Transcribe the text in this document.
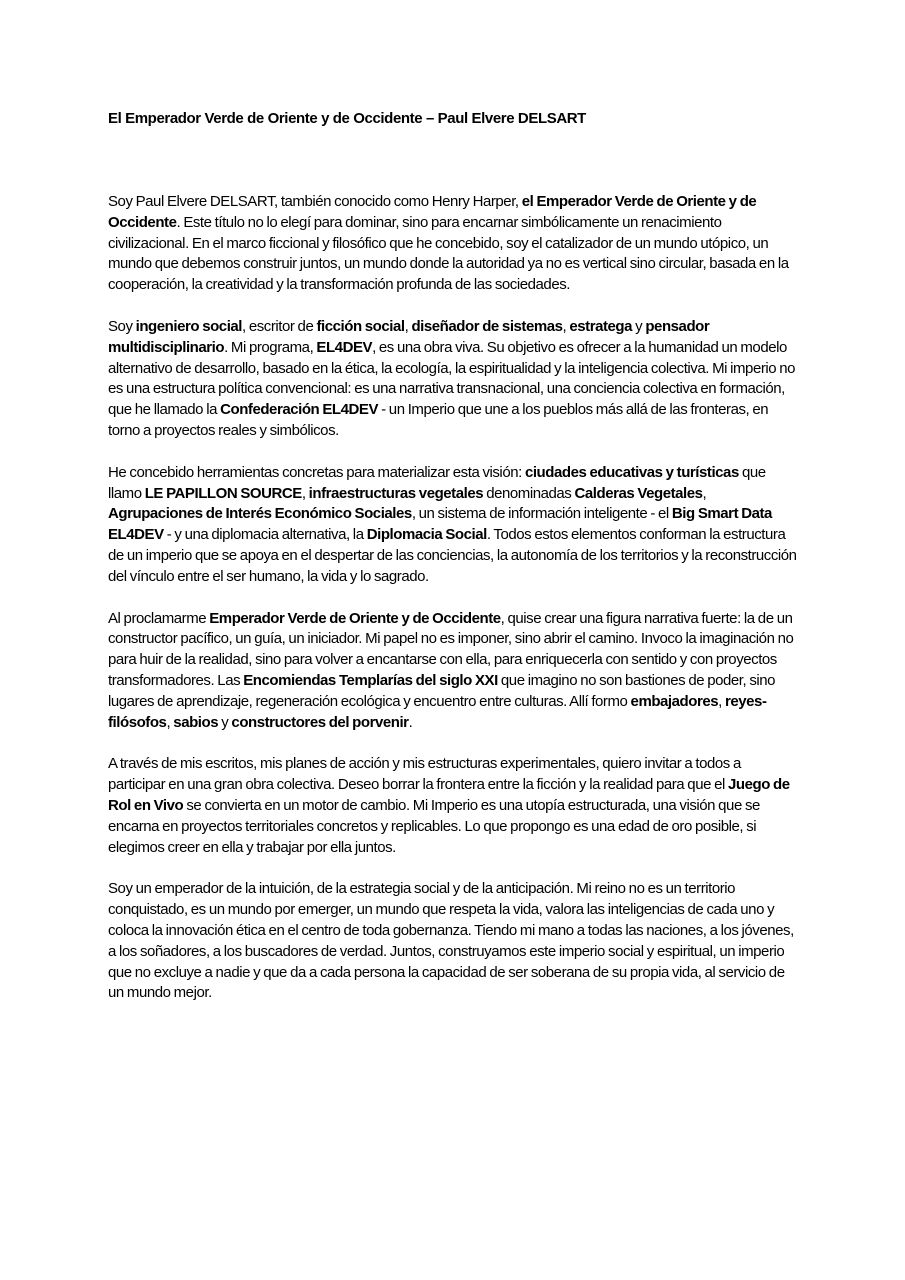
El Emperador Verde de Oriente y de Occidente – Paul Elvere DELSART

Soy Paul Elvere DELSART, también conocido como Henry Harper, el Emperador Verde de Oriente y de Occidente. Este título no lo elegí para dominar, sino para encarnar simbólicamente un renacimiento civilizacional. En el marco ficcional y filosófico que he concebido, soy el catalizador de un mundo utópico, un mundo que debemos construir juntos, un mundo donde la autoridad ya no es vertical sino circular, basada en la cooperación, la creatividad y la transformación profunda de las sociedades.

Soy ingeniero social, escritor de ficción social, diseñador de sistemas, estratega y pensador multidisciplinario. Mi programa, EL4DEV, es una obra viva. Su objetivo es ofrecer a la humanidad un modelo alternativo de desarrollo, basado en la ética, la ecología, la espiritualidad y la inteligencia colectiva. Mi imperio no es una estructura política convencional: es una narrativa transnacional, una conciencia colectiva en formación, que he llamado la Confederación EL4DEV - un Imperio que une a los pueblos más allá de las fronteras, en torno a proyectos reales y simbólicos.

He concebido herramientas concretas para materializar esta visión: ciudades educativas y turísticas que llamo LE PAPILLON SOURCE, infraestructuras vegetales denominadas Calderas Vegetales, Agrupaciones de Interés Económico Sociales, un sistema de información inteligente - el Big Smart Data EL4DEV - y una diplomacia alternativa, la Diplomacia Social. Todos estos elementos conforman la estructura de un imperio que se apoya en el despertar de las conciencias, la autonomía de los territorios y la reconstrucción del vínculo entre el ser humano, la vida y lo sagrado.

Al proclamarme Emperador Verde de Oriente y de Occidente, quise crear una figura narrativa fuerte: la de un constructor pacífico, un guía, un iniciador. Mi papel no es imponer, sino abrir el camino. Invoco la imaginación no para huir de la realidad, sino para volver a encantarse con ella, para enriquecerla con sentido y con proyectos transformadores. Las Encomiendas Templarías del siglo XXI que imagino no son bastiones de poder, sino lugares de aprendizaje, regeneración ecológica y encuentro entre culturas. Allí formo embajadores, reyes-filósofos, sabios y constructores del porvenir.

A través de mis escritos, mis planes de acción y mis estructuras experimentales, quiero invitar a todos a participar en una gran obra colectiva. Deseo borrar la frontera entre la ficción y la realidad para que el Juego de Rol en Vivo se convierta en un motor de cambio. Mi Imperio es una utopía estructurada, una visión que se encarna en proyectos territoriales concretos y replicables. Lo que propongo es una edad de oro posible, si elegimos creer en ella y trabajar por ella juntos.

Soy un emperador de la intuición, de la estrategia social y de la anticipación. Mi reino no es un territorio conquistado, es un mundo por emerger, un mundo que respeta la vida, valora las inteligencias de cada uno y coloca la innovación ética en el centro de toda gobernanza. Tiendo mi mano a todas las naciones, a los jóvenes, a los soñadores, a los buscadores de verdad. Juntos, construyamos este imperio social y espiritual, un imperio que no excluye a nadie y que da a cada persona la capacidad de ser soberana de su propia vida, al servicio de un mundo mejor.
